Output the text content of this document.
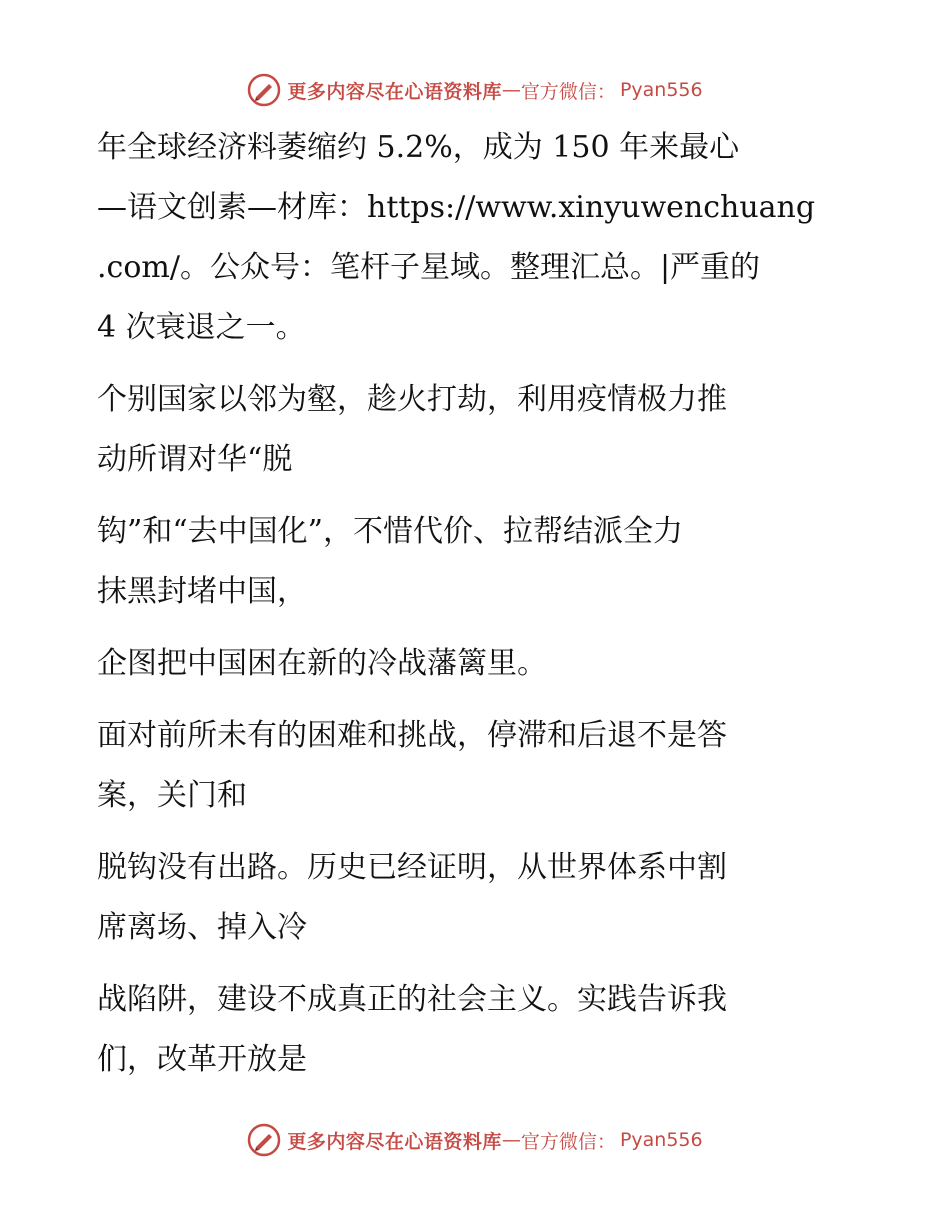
更多内容尽在心语资料库 — 官方微信： Pyan556
年全球经济料萎缩约 5.2%，成为 150 年来最心
—语文创素—材库：https://www.xinyuwenchuang
.com/。公众号：笔杆子星域。整理汇总。|严重的
4 次衰退之一。
个别国家以邻为壑，趁火打劫，利用疫情极力推
动所谓对华“脱
钩”和“去中国化”，不惜代价、拉帮结派全力
抹黑封堵中国，
企图把中国困在新的冷战藩篱里。
面对前所未有的困难和挑战，停滞和后退不是答
案，关门和
脱钩没有出路。历史已经证明，从世界体系中割
席离场、掉入冷
战陷阱，建设不成真正的社会主义。实践告诉我
们，改革开放是
更多内容尽在心语资料库 — 官方微信： Pyan556
